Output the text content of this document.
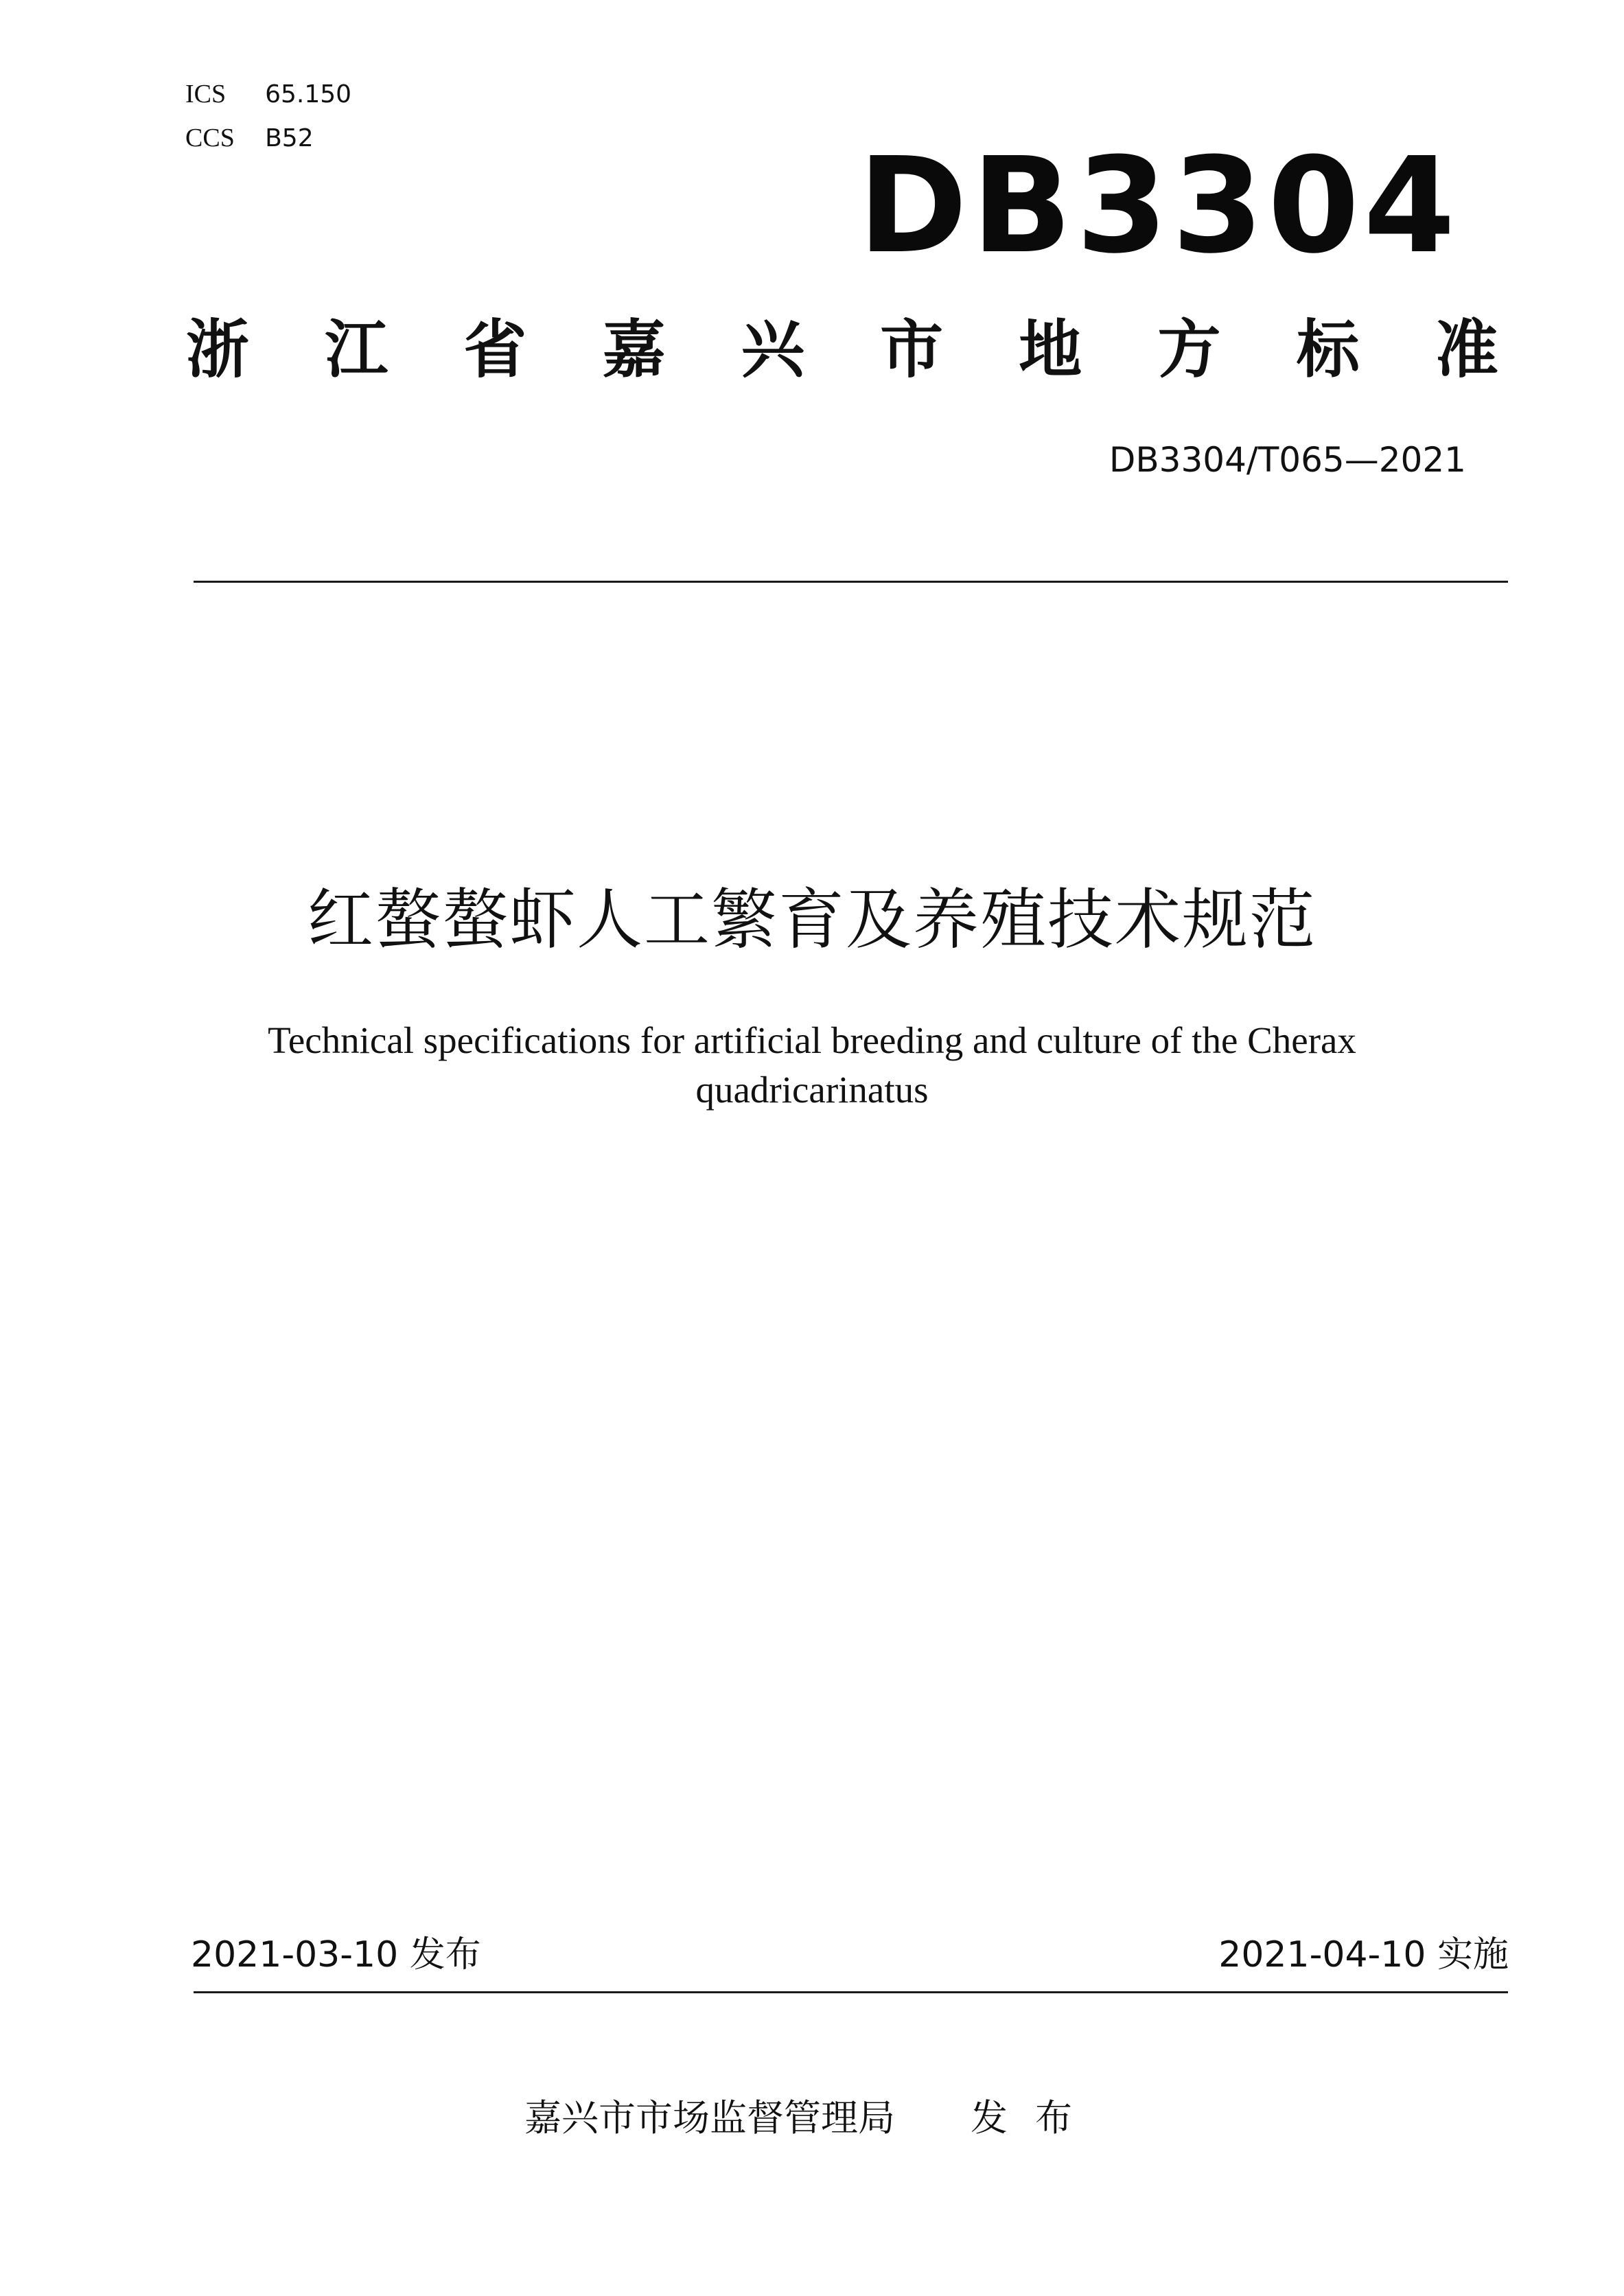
ICS 65.150
CCS B52	DB3304
浙 江 省 嘉 兴 市 地 方 标 准
DB3304/T065—2021
红螯螯虾人工繁育及养殖技术规范
Technical specifications for artificial breeding and culture of the Cherax quadricarinatus
2021-03-10 发布	2021-04-10 实施
嘉兴市市场监督管理局 发布
